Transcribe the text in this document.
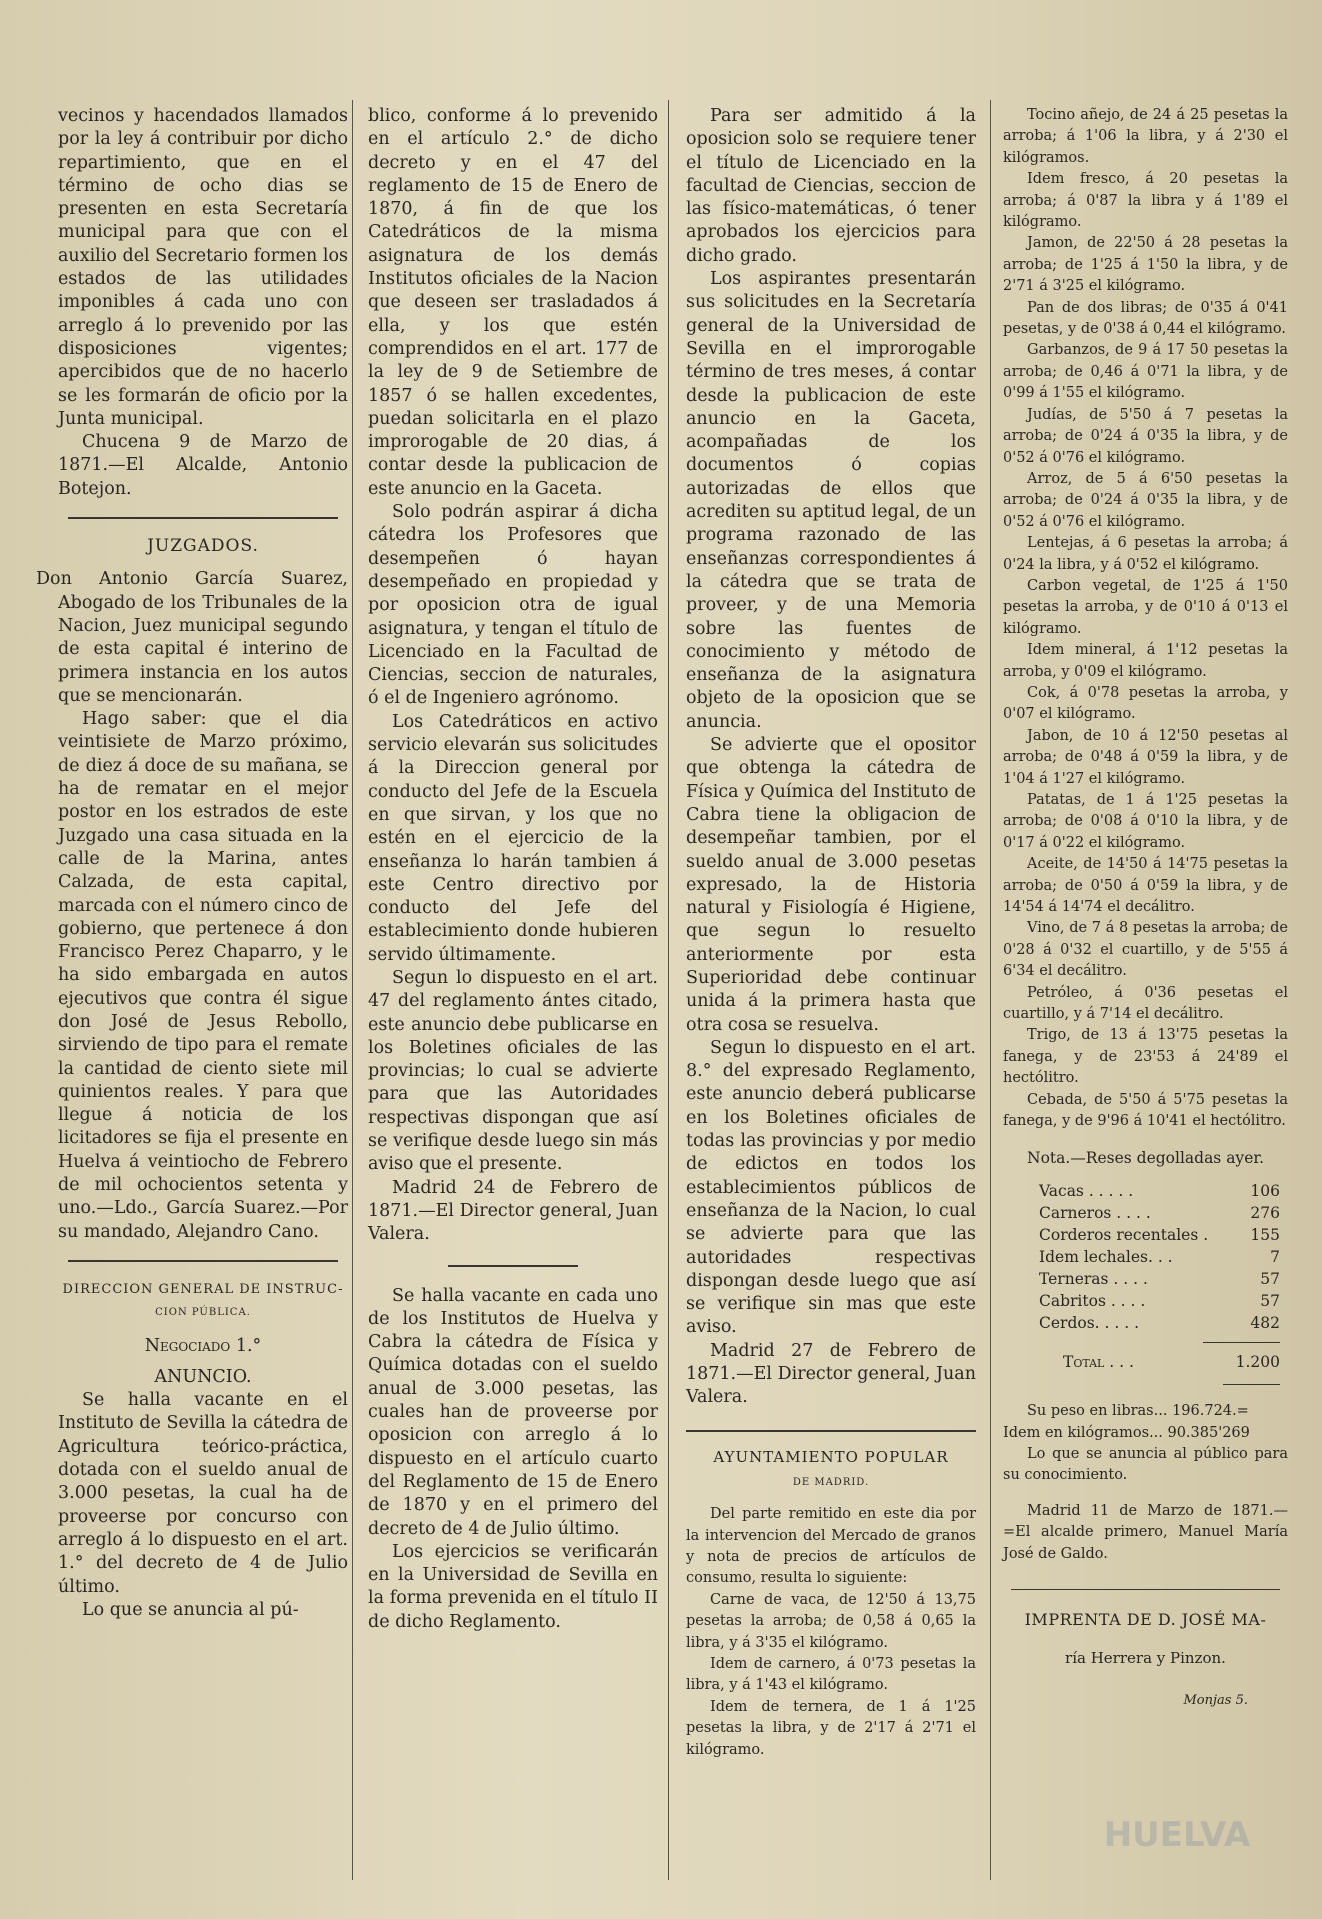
vecinos y hacendados llamados por la ley á contribuir por dicho repartimiento, que en el término de ocho dias se presenten en esta Secretaría municipal para que con el auxilio del Secretario formen los estados de las utilidades imponibles á cada uno con arreglo á lo prevenido por las disposiciones vigentes; apercibidos que de no hacerlo se les formarán de oficio por la Junta municipal.

Chucena 9 de Marzo de 1871.—El Alcalde, Antonio Botejon.

JUZGADOS.

Don Antonio García Suarez, Abogado de los Tribunales de la Nacion, Juez municipal segundo de esta capital é interino de primera instancia en los autos que se mencionarán.

Hago saber: que el dia veintisiete de Marzo próximo, de diez á doce de su mañana, se ha de rematar en el mejor postor en los estrados de este Juzgado una casa situada en la calle de la Marina, antes Calzada, de esta capital, marcada con el número cinco de gobierno, que pertenece á don Francisco Perez Chaparro, y le ha sido embargada en autos ejecutivos que contra él sigue don José de Jesus Rebollo, sirviendo de tipo para el remate la cantidad de ciento siete mil quinientos reales. Y para que llegue á noticia de los licitadores se fija el presente en Huelva á veintiocho de Febrero de mil ochocientos setenta y uno.—Ldo., García Suarez.—Por su mandado, Alejandro Cano.

DIRECCION GENERAL DE INSTRUC-
CION PÚBLICA.
Negociado 1.°
ANUNCIO.

Se halla vacante en el Instituto de Sevilla la cátedra de Agricultura teórico-práctica, dotada con el sueldo anual de 3.000 pesetas, la cual ha de proveerse por concurso con arreglo á lo dispuesto en el art. 1.° del decreto de 4 de Julio último.

Lo que se anuncia al pú-

blico, conforme á lo prevenido en el artículo 2.° de dicho decreto y en el 47 del reglamento de 15 de Enero de 1870, á fin de que los Catedráticos de la misma asignatura de los demás Institutos oficiales de la Nacion que deseen ser trasladados á ella, y los que estén comprendidos en el art. 177 de la ley de 9 de Setiembre de 1857 ó se hallen excedentes, puedan solicitarla en el plazo improrogable de 20 dias, á contar desde la publicacion de este anuncio en la Gaceta.

Solo podrán aspirar á dicha cátedra los Profesores que desempeñen ó hayan desempeñado en propiedad y por oposicion otra de igual asignatura, y tengan el título de Licenciado en la Facultad de Ciencias, seccion de naturales, ó el de Ingeniero agrónomo.

Los Catedráticos en activo servicio elevarán sus solicitudes á la Direccion general por conducto del Jefe de la Escuela en que sirvan, y los que no estén en el ejercicio de la enseñanza lo harán tambien á este Centro directivo por conducto del Jefe del establecimiento donde hubieren servido últimamente.

Segun lo dispuesto en el art. 47 del reglamento ántes citado, este anuncio debe publicarse en los Boletines oficiales de las provincias; lo cual se advierte para que las Autoridades respectivas dispongan que así se verifique desde luego sin más aviso que el presente.

Madrid 24 de Febrero de 1871.—El Director general, Juan Valera.

Se halla vacante en cada uno de los Institutos de Huelva y Cabra la cátedra de Física y Química dotadas con el sueldo anual de 3.000 pesetas, las cuales han de proveerse por oposicion con arreglo á lo dispuesto en el artículo cuarto del Reglamento de 15 de Enero de 1870 y en el primero del decreto de 4 de Julio último.

Los ejercicios se verificarán en la Universidad de Sevilla en la forma prevenida en el título II de dicho Reglamento.

Para ser admitido á la oposicion solo se requiere tener el título de Licenciado en la facultad de Ciencias, seccion de las físico-matemáticas, ó tener aprobados los ejercicios para dicho grado.

Los aspirantes presentarán sus solicitudes en la Secretaría general de la Universidad de Sevilla en el improrogable término de tres meses, á contar desde la publicacion de este anuncio en la Gaceta, acompañadas de los documentos ó copias autorizadas de ellos que acrediten su aptitud legal, de un programa razonado de las enseñanzas correspondientes á la cátedra que se trata de proveer, y de una Memoria sobre las fuentes de conocimiento y método de enseñanza de la asignatura objeto de la oposicion que se anuncia.

Se advierte que el opositor que obtenga la cátedra de Física y Química del Instituto de Cabra tiene la obligacion de desempeñar tambien, por el sueldo anual de 3.000 pesetas expresado, la de Historia natural y Fisiología é Higiene, que segun lo resuelto anteriormente por esta Superioridad debe continuar unida á la primera hasta que otra cosa se resuelva.

Segun lo dispuesto en el art. 8.° del expresado Reglamento, este anuncio deberá publicarse en los Boletines oficiales de todas las provincias y por medio de edictos en todos los establecimientos públicos de enseñanza de la Nacion, lo cual se advierte para que las autoridades respectivas dispongan desde luego que así se verifique sin mas que este aviso.

Madrid 27 de Febrero de 1871.—El Director general, Juan Valera.

AYUNTAMIENTO POPULAR
DE MADRID.

Del parte remitido en este dia por la intervencion del Mercado de granos y nota de precios de artículos de consumo, resulta lo siguiente:

Carne de vaca, de 12'50 á 13,75 pesetas la arroba; de 0,58 á 0,65 la libra, y á 3'35 el kilógramo.

Idem de carnero, á 0'73 pesetas la libra, y á 1'43 el kilógramo.

Idem de ternera, de 1 á 1'25 pesetas la libra, y de 2'17 á 2'71 el kilógramo.

Tocino añejo, de 24 á 25 pesetas la arroba; á 1'06 la libra, y á 2'30 el kilógramos.

Idem fresco, á 20 pesetas la arroba; á 0'87 la libra y á 1'89 el kilógramo.

Jamon, de 22'50 á 28 pesetas la arroba; de 1'25 á 1'50 la libra, y de 2'71 á 3'25 el kilógramo.

Pan de dos libras; de 0'35 á 0'41 pesetas, y de 0'38 á 0,44 el kilógramo.

Garbanzos, de 9 á 17 50 pesetas la arroba; de 0,46 á 0'71 la libra, y de 0'99 á 1'55 el kilógramo.

Judías, de 5'50 á 7 pesetas la arroba; de 0'24 á 0'35 la libra, y de 0'52 á 0'76 el kilógramo.

Arroz, de 5 á 6'50 pesetas la arroba; de 0'24 á 0'35 la libra, y de 0'52 á 0'76 el kilógramo.

Lentejas, á 6 pesetas la arroba; á 0'24 la libra, y á 0'52 el kilógramo.

Carbon vegetal, de 1'25 á 1'50 pesetas la arroba, y de 0'10 á 0'13 el kilógramo.

Idem mineral, á 1'12 pesetas la arroba, y 0'09 el kilógramo.

Cok, á 0'78 pesetas la arroba, y 0'07 el kilógramo.

Jabon, de 10 á 12'50 pesetas al arroba; de 0'48 á 0'59 la libra, y de 1'04 á 1'27 el kilógramo.

Patatas, de 1 á 1'25 pesetas la arroba; de 0'08 á 0'10 la libra, y de 0'17 á 0'22 el kilógramo.

Aceite, de 14'50 á 14'75 pesetas la arroba; de 0'50 á 0'59 la libra, y de 14'54 á 14'74 el decálitro.

Vino, de 7 á 8 pesetas la arroba; de 0'28 á 0'32 el cuartillo, y de 5'55 á 6'34 el decálitro.

Petróleo, á 0'36 pesetas el cuartillo, y á 7'14 el decálitro.

Trigo, de 13 á 13'75 pesetas la fanega, y de 23'53 á 24'89 el hectólitro.

Cebada, de 5'50 á 5'75 pesetas la fanega, y de 9'96 á 10'41 el hectólitro.

Nota.—Reses degolladas ayer.

Vacas . . . . .	106
Carneros . . . .	276
Corderos recentales .	155
Idem lechales. . .	7
Terneras . . . .	57
Cabritos . . . .	57
Cerdos. . . . .	482
Total . . .	1.200

Su peso en libras... 196.724.=

Idem en kilógramos... 90.385'269

Lo que se anuncia al público para su conocimiento.

Madrid 11 de Marzo de 1871.—=El alcalde primero, Manuel María José de Galdo.

IMPRENTA DE D. JOSÉ MA-
ría Herrera y Pinzon.
Monjas 5.
HUELVA
